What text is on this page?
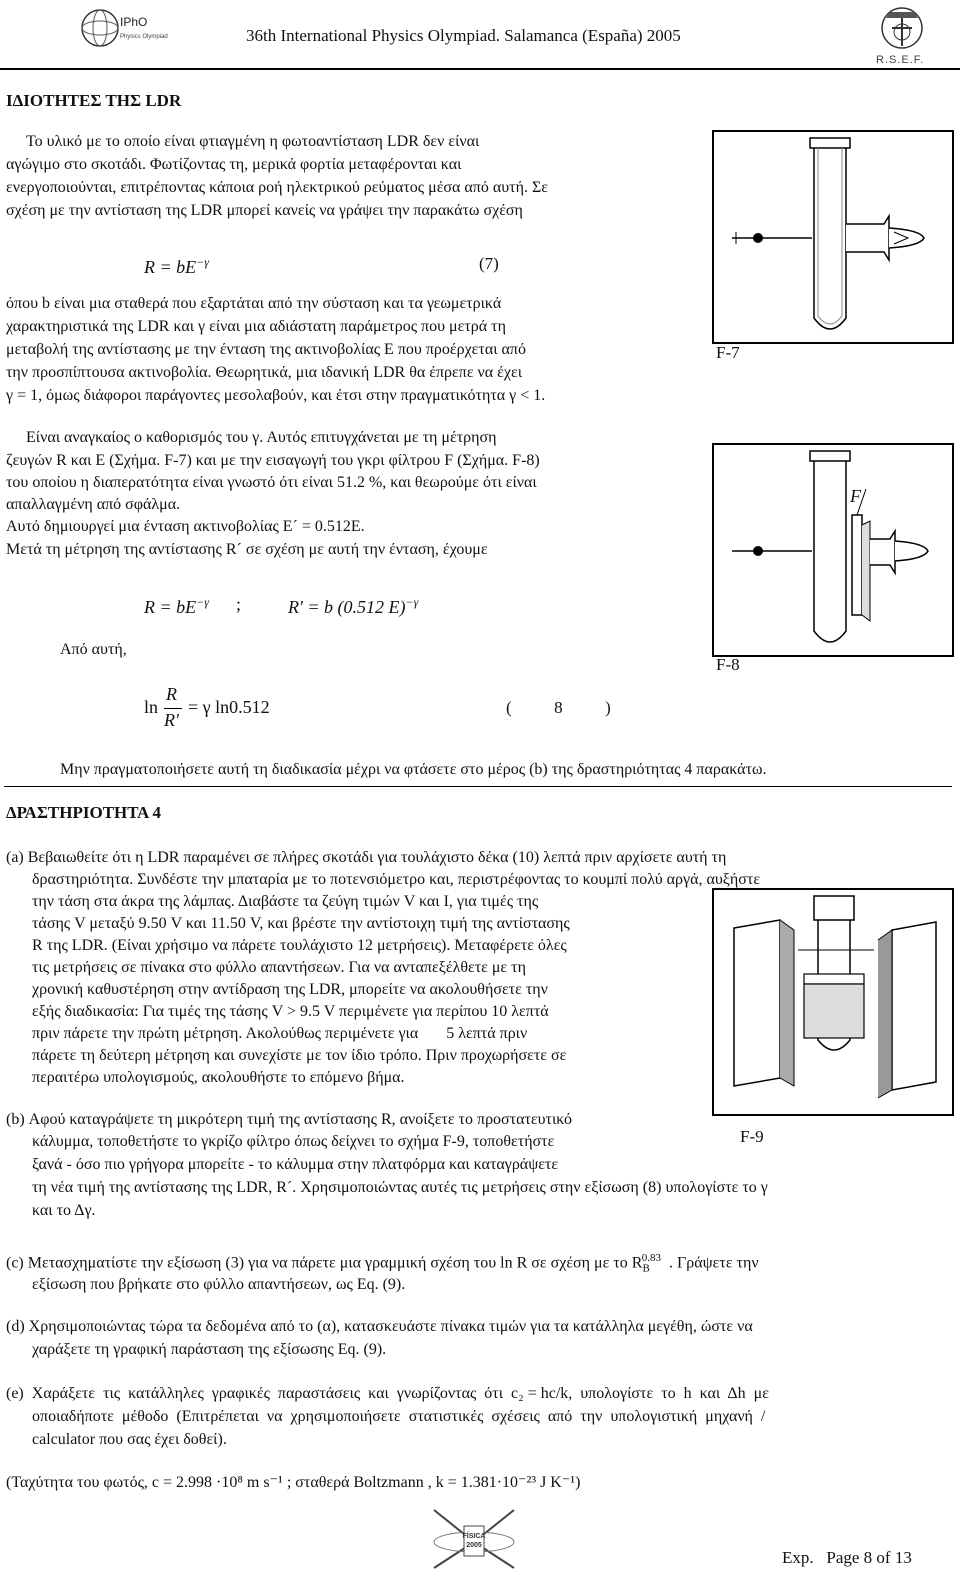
IPhO
Physics Olympiad	36th International Physics Olympiad. Salamanca (España) 2005
R.S.E.F.
ΙΔΙΟΤΗΤΕΣ ΤΗΣ LDR
Το υλικό με το οποίο είναι φτιαγμένη η φωτοαντίσταση LDR δεν είναι
αγώγιμο στο σκοτάδι. Φωτίζοντας τη, μερικά φορτία μεταφέρονται και
ενεργοποιούνται, επιτρέποντας κάποια ροή ηλεκτρικού ρεύματος μέσα από αυτή. Σε
σχέση με την αντίσταση της LDR μπορεί κανείς να γράψει την παρακάτω σχέση
$R = bE^{-\gamma}$	(7)
όπου b είναι μια σταθερά που εξαρτάται από την σύσταση και τα γεωμετρικά
χαρακτηριστικά της LDR και γ είναι μια αδιάστατη παράμετρος που μετρά τη
μεταβολή της αντίστασης με την ένταση της ακτινοβολίας E που προέρχεται από
την προσπίπτουσα ακτινοβολία. Θεωρητικά, μια ιδανική LDR θα έπρεπε να έχει
γ = 1, όμως διάφοροι παράγοντες μεσολαβούν, και έτσι στην πραγματικότητα γ < 1.
Είναι αναγκαίος ο καθορισμός του γ. Αυτός επιτυγχάνεται με τη μέτρηση
ζευγών R και E (Σχήμα. F-7) και με την εισαγωγή του γκρι φίλτρου F (Σχήμα. F-8)
του οποίου η διαπερατότητα είναι γνωστό ότι είναι 51.2 %, και θεωρούμε ότι είναι
απαλλαγμένη από σφάλμα.
Αυτό δημιουργεί μια ένταση ακτινοβολίας E´ = 0.512E.
Μετά τη μέτρηση της αντίστασης R´ σε σχέση με αυτή την ένταση, έχουμε
$R = bE^{-\gamma}$ ;	R' = b (0.512 E)$^{-\gamma}$
Από αυτή,
ln
R
R'
= γ ln0.512	(          8          )
Μην πραγματοποιήσετε αυτή τη διαδικασία μέχρι να φτάσετε στο μέρος (b) της δραστηριότητας 4 παρακάτω.
F-7
F
F-8
ΔΡΑΣΤΗΡΙΟΤΗΤΑ 4
(a) Βεβαιωθείτε ότι η LDR παραμένει σε πλήρες σκοτάδι για τουλάχιστο δέκα (10) λεπτά πριν αρχίσετε αυτή τη
δραστηριότητα. Συνδέστε την μπαταρία με το ποτενσιόμετρο και, περιστρέφοντας το κουμπί πολύ αργά, αυξήστε
την τάση στα άκρα της λάμπας. Διαβάστε τα ζεύγη τιμών V και I, για τιμές της
τάσης V μεταξύ 9.50 V και 11.50 V, και βρέστε την αντίστοιχη τιμή της αντίστασης
R της LDR. (Είναι χρήσιμο να πάρετε τουλάχιστο 12 μετρήσεις). Μεταφέρετε όλες
τις μετρήσεις σε πίνακα στο φύλλο απαντήσεων. Για να ανταπεξέλθετε με τη
χρονική καθυστέρηση στην αντίδραση της LDR, μπορείτε να ακολουθήσετε την
εξής διαδικασία: Για τιμές της τάσης V > 9.5 V περιμένετε για περίπου 10 λεπτά
πριν πάρετε την πρώτη μέτρηση. Ακολούθως περιμένετε για       5 λεπτά πριν
πάρετε τη δεύτερη μέτρηση και συνεχίστε με τον ίδιο τρόπο. Πριν προχωρήσετε σε
περαιτέρω υπολογισμούς, ακολουθήστε το επόμενο βήμα.
F-9
(b) Αφού καταγράψετε τη μικρότερη τιμή της αντίστασης R, ανοίξετε το προστατευτικό
κάλυμμα, τοποθετήστε το γκρίζο φίλτρο όπως δείχνει το σχήμα F-9, τοποθετήστε
ξανά - όσο πιο γρήγορα μπορείτε - το κάλυμμα στην πλατφόρμα και καταγράψετε
τη νέα τιμή της αντίστασης της LDR, R´. Χρησιμοποιώντας αυτές τις μετρήσεις στην εξίσωση (8) υπολογίστε το γ
και το Δγ.
(c) Μετασχηματίστε την εξίσωση (3) για να πάρετε μια γραμμική σχέση του ln R σε σχέση με το $R_B^{0.83}$ . Γράψετε την
εξίσωση που βρήκατε στο φύλλο απαντήσεων, ως Eq. (9).
(d) Χρησιμοποιώντας τώρα τα δεδομένα από το (α), κατασκευάστε πίνακα τιμών για τα κατάλληλα μεγέθη, ώστε να
χαράξετε τη γραφική παράσταση της εξίσωσης Eq. (9).
(e)  Χαράξετε  τις  κατάλληλες  γραφικές  παραστάσεις  και  γνωρίζοντας  ότι  c₂ = hc/k,  υπολογίστε  το  h  και  Δh  με
οποιαδήποτε  μέθοδο  (Επιτρέπεται  να  χρησιμοποιήσετε  στατιστικές  σχέσεις  από  την  υπολογιστική  μηχανή  /
calculator που σας έχει δοθεί).
(Ταχύτητα του φωτός, c = 2.998 ·10⁸ m s⁻¹ ; σταθερά Boltzmann , k = 1.381·10⁻²³ J K⁻¹)
FÍSICA 2005
Exp.   Page 8 of 13
